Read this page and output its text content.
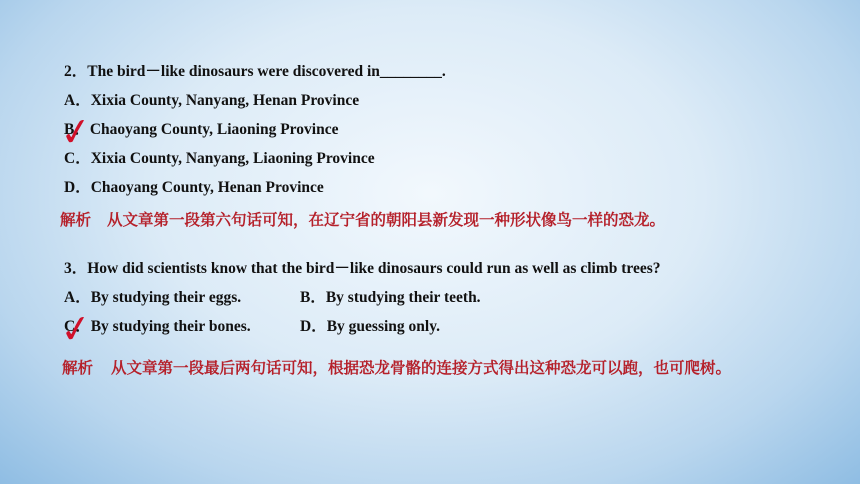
2．The bird－like dinosaurs were discovered in________.
A．Xixia County, Nanyang, Henan Province
B．Chaoyang County, Liaoning Province
C．Xixia County, Nanyang, Liaoning Province
D．Chaoyang County, Henan Province
✓
解析 从文章第一段第六句话可知，在辽宁省的朝阳县新发现一种形状像鸟一样的恐龙。
3．How did scientists know that the bird－like dinosaurs could run as well as climb trees?
A．By studying their eggs.	B．By studying their teeth.
C．By studying their bones.	D．By guessing only.
✓
解析 从文章第一段最后两句话可知，根据恐龙骨骼的连接方式得出这种恐龙可以跑，也可爬树。
